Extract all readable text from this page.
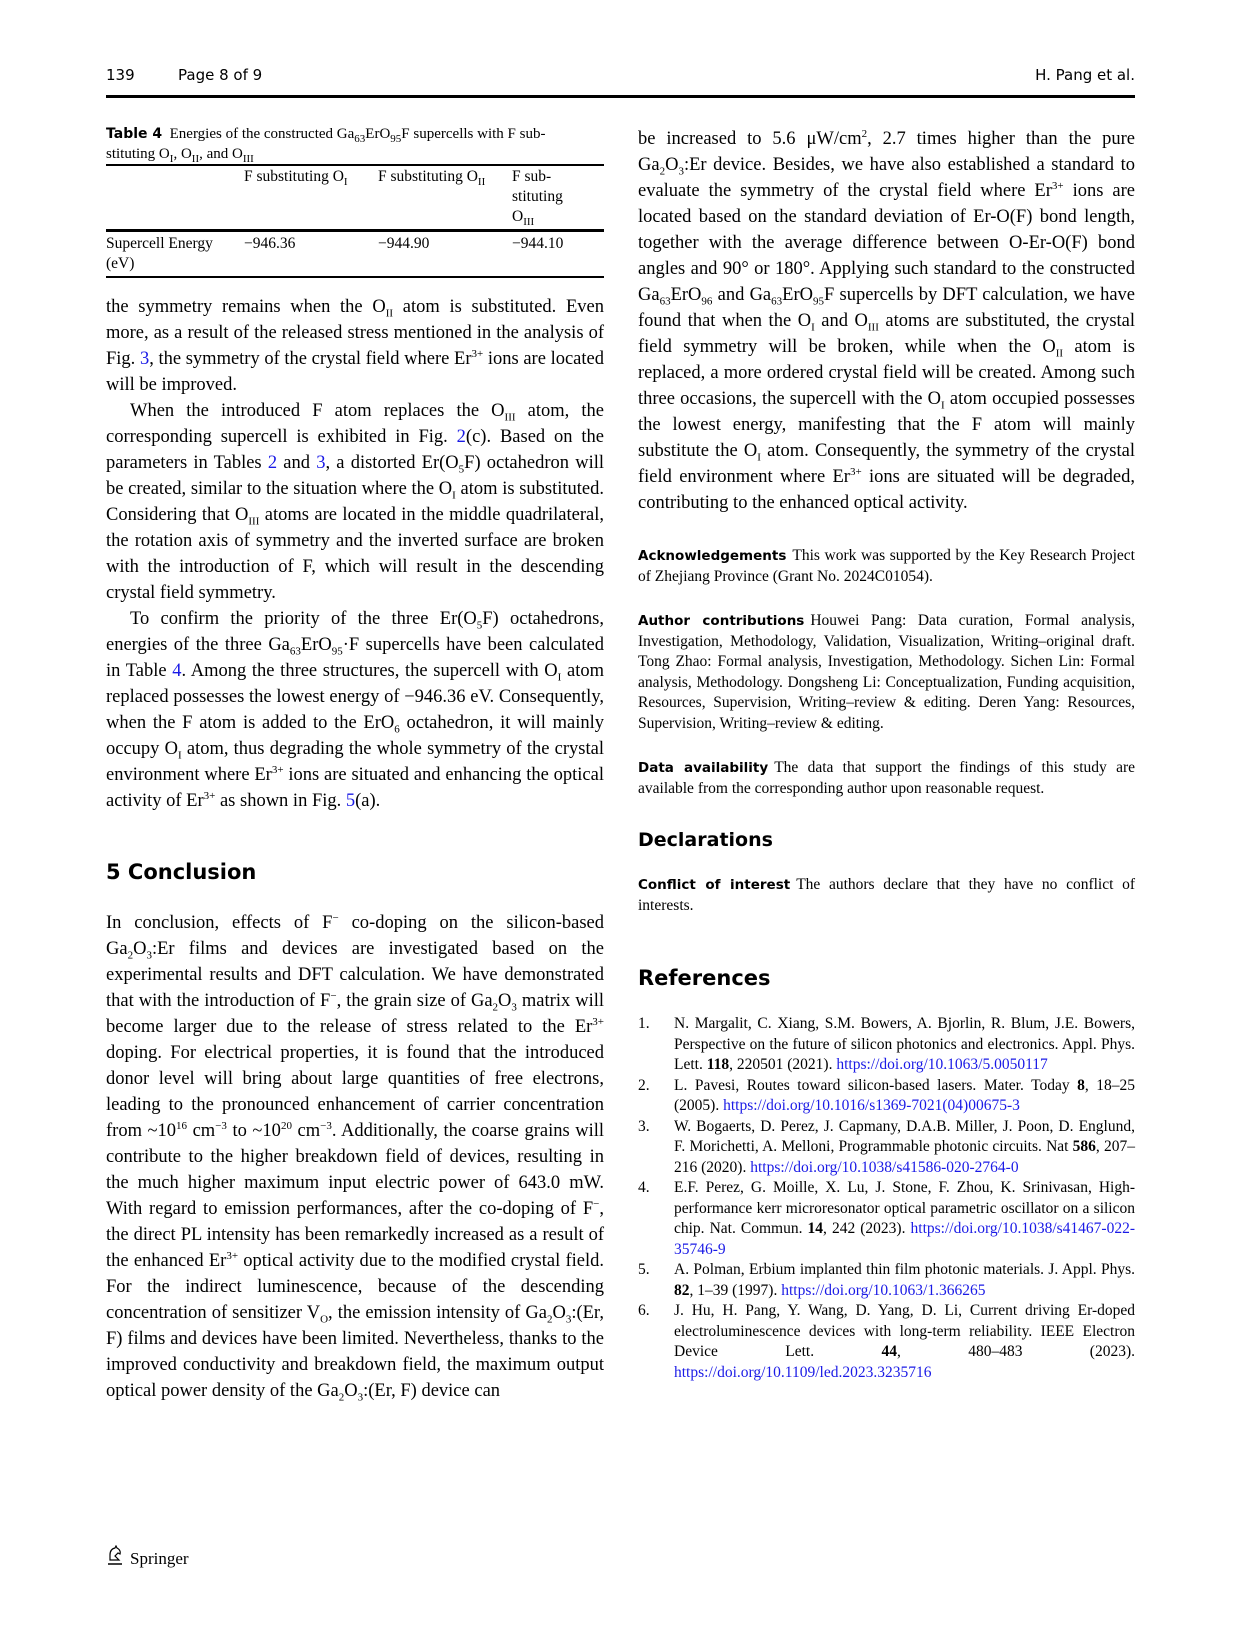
139	Page 8 of 9	H. Pang et al.
Table 4  Energies of the constructed $Ga_{63}ErO_{95}F$ supercells with F sub-
stituting $O_I$, $O_{II}$, and $O_{III}$
	F substituting $O_I$	F substituting $O_{II}$	F sub-
stituting
$O_{III}$
Supercell Energy (eV)	−946.36	−944.90	−944.10

the symmetry remains when the $O_{II}$ atom is substituted. Even more, as a result of the released stress mentioned in the analysis of Fig. 3, the symmetry of the crystal field where $Er^{3+}$ ions are located will be improved.

When the introduced F atom replaces the $O_{III}$ atom, the corresponding supercell is exhibited in Fig. 2(c). Based on the parameters in Tables 2 and 3, a distorted $Er(O_5F)$ octahedron will be created, similar to the situation where the $O_I$ atom is substituted. Considering that $O_{III}$ atoms are located in the middle quadrilateral, the rotation axis of symmetry and the inverted surface are broken with the introduction of F, which will result in the descending crystal field symmetry.

To confirm the priority of the three $Er(O_5F)$ octahedrons, energies of the three $Ga_{63}ErO_{95}\cdot F$ supercells have been calculated in Table 4. Among the three structures, the supercell with $O_I$ atom replaced possesses the lowest energy of −946.36 eV. Consequently, when the F atom is added to the ErO$_6$ octahedron, it will mainly occupy $O_I$ atom, thus degrading the whole symmetry of the crystal environment where $Er^{3+}$ ions are situated and enhancing the optical activity of $Er^{3+}$ as shown in Fig. 5(a).

5 Conclusion

In conclusion, effects of F− co-doping on the silicon-based $Ga_2O_3:Er$ films and devices are investigated based on the experimental results and DFT calculation. We have demonstrated that with the introduction of F−, the grain size of $Ga_2O_3$ matrix will become larger due to the release of stress related to the $Er^{3+}$ doping. For electrical properties, it is found that the introduced donor level will bring about large quantities of free electrons, leading to the pronounced enhancement of carrier concentration from $\sim 10^{16}$ $cm^{-3}$ to $\sim 10^{20}$ $cm^{-3}$. Additionally, the coarse grains will contribute to the higher breakdown field of devices, resulting in the much higher maximum input electric power of 643.0 mW. With regard to emission performances, after the co-doping of F−, the direct PL intensity has been remarkedly increased as a result of the enhanced $Er^{3+}$ optical activity due to the modified crystal field. For the indirect luminescence, because of the descending concentration of sensitizer $V_O$, the emission intensity of $Ga_2O_3:(Er$, F) films and devices have been limited. Nevertheless, thanks to the improved conductivity and breakdown field, the maximum output optical power density of the $Ga_2O_3:(Er$, F) device can

be increased to 5.6 $\mu W/cm^2$, 2.7 times higher than the pure $Ga_2O_3:Er$ device. Besides, we have also established a standard to evaluate the symmetry of the crystal field where $Er^{3+}$ ions are located based on the standard deviation of Er-O(F) bond length, together with the average difference between O-Er-O(F) bond angles and 90° or 180°. Applying such standard to the constructed $Ga_{63}ErO_{96}$ and $Ga_{63}ErO_{95}F$ supercells by DFT calculation, we have found that when the $O_I$ and $O_{III}$ atoms are substituted, the crystal field symmetry will be broken, while when the $O_{II}$ atom is replaced, a more ordered crystal field will be created. Among such three occasions, the supercell with the $O_I$ atom occupied possesses the lowest energy, manifesting that the F atom will mainly substitute the $O_I$ atom. Consequently, the symmetry of the crystal field environment where $Er^{3+}$ ions are situated will be degraded, contributing to the enhanced optical activity.

Acknowledgements This work was supported by the Key Research Project of Zhejiang Province (Grant No. 2024C01054).

Author contributions Houwei Pang: Data curation, Formal analysis, Investigation, Methodology, Validation, Visualization, Writing–original draft. Tong Zhao: Formal analysis, Investigation, Methodology. Sichen Lin: Formal analysis, Methodology. Dongsheng Li: Conceptualization, Funding acquisition, Resources, Supervision, Writing–review & editing. Deren Yang: Resources, Supervision, Writing–review & editing.

Data availability The data that support the findings of this study are available from the corresponding author upon reasonable request.

Declarations

Conflict of interest The authors declare that they have no conflict of interests.

References
1. N. Margalit, C. Xiang, S.M. Bowers, A. Bjorlin, R. Blum, J.E. Bowers, Perspective on the future of silicon photonics and electronics. Appl. Phys. Lett. 118, 220501 (2021). https://doi.org/10.1063/5.0050117
2. L. Pavesi, Routes toward silicon-based lasers. Mater. Today 8, 18–25 (2005). https://doi.org/10.1016/s1369-7021(04)00675-3
3. W. Bogaerts, D. Perez, J. Capmany, D.A.B. Miller, J. Poon, D. Englund, F. Morichetti, A. Melloni, Programmable photonic circuits. Nat 586, 207–216 (2020). https://doi.org/10.1038/s41586-020-2764-0
4. E.F. Perez, G. Moille, X. Lu, J. Stone, F. Zhou, K. Srinivasan, High-performance kerr microresonator optical parametric oscillator on a silicon chip. Nat. Commun. 14, 242 (2023). https://doi.org/10.1038/s41467-022-35746-9
5. A. Polman, Erbium implanted thin film photonic materials. J. Appl. Phys. 82, 1–39 (1997). https://doi.org/10.1063/1.366265
6. J. Hu, H. Pang, Y. Wang, D. Yang, D. Li, Current driving Er-doped electroluminescence devices with long-term reliability. IEEE Electron Device Lett. 44, 480–483 (2023). https://doi.org/10.1109/led.2023.3235716
Springer
